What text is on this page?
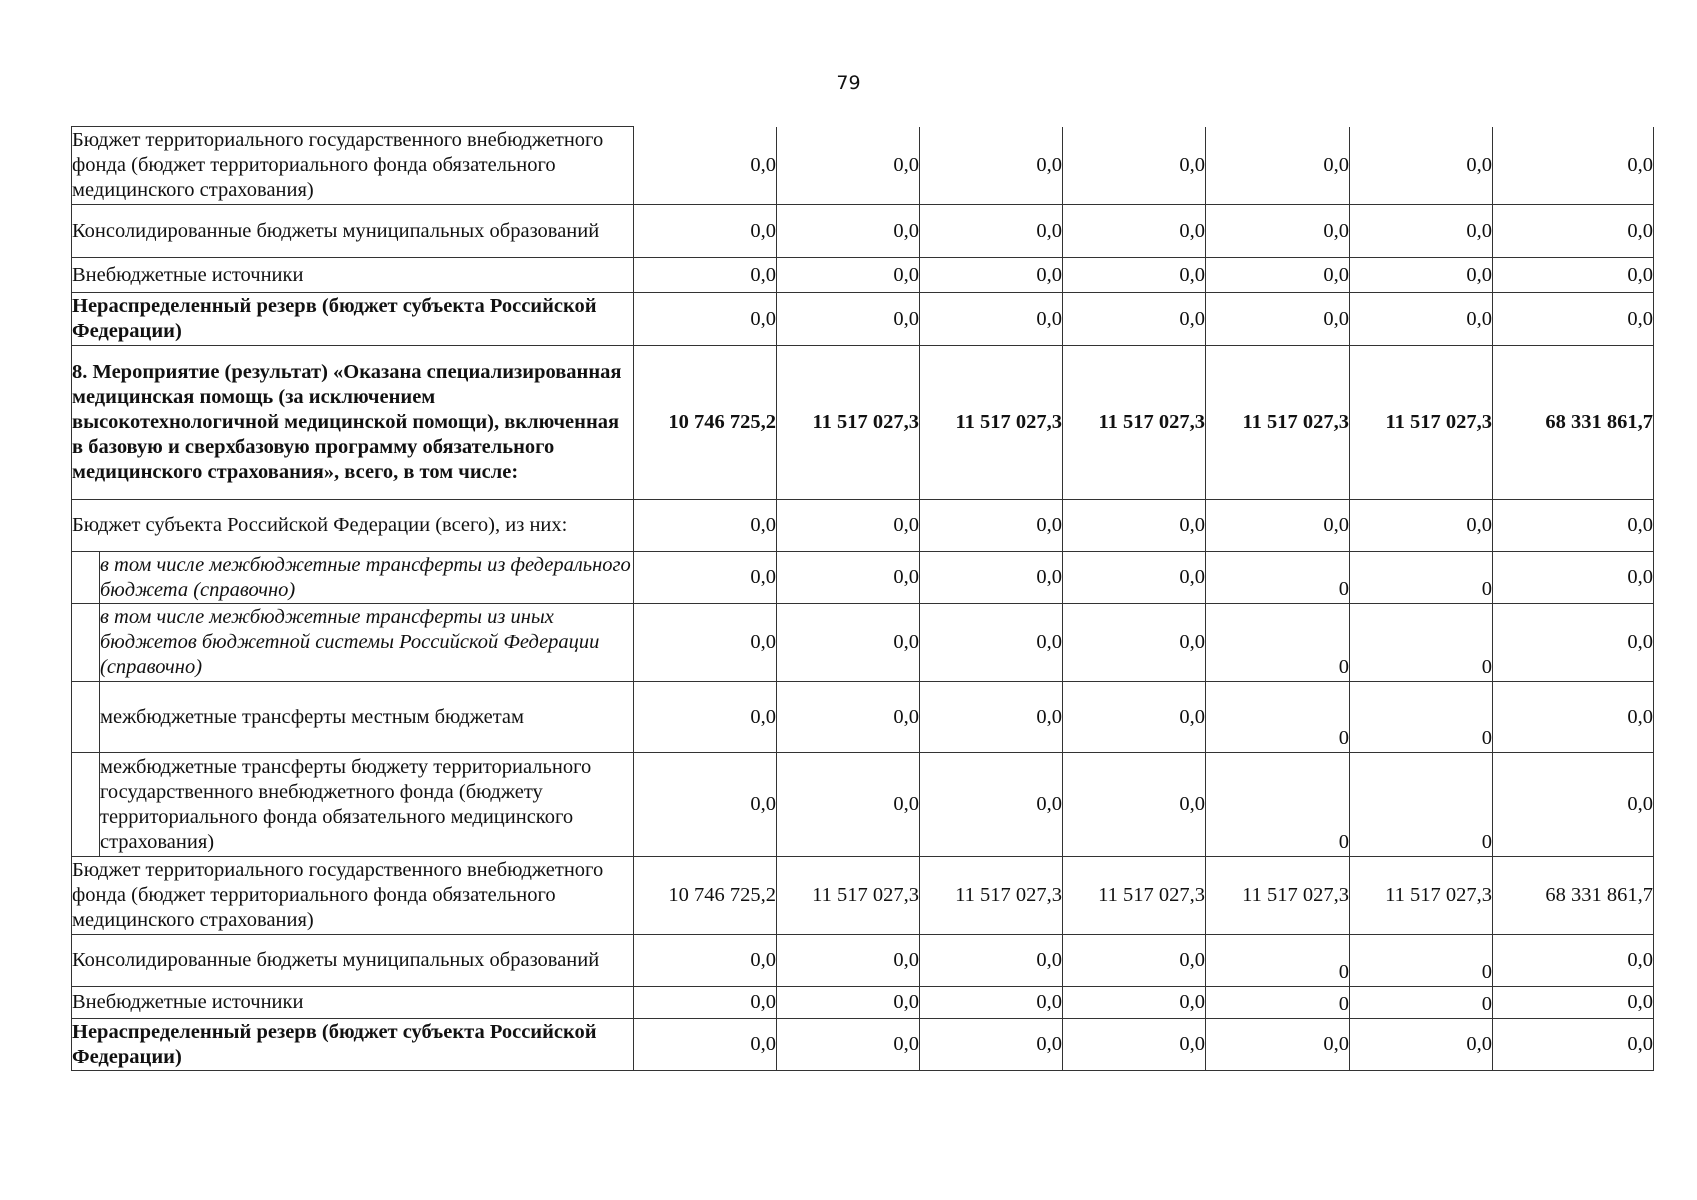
79
Бюджет территориального государственного внебюджетного фонда (бюджет территориального фонда обязательного медицинского страхования)		0,0	0,0	0,0	0,0	0,0	0,0	0,0
Консолидированные бюджеты муниципальных образований		0,0	0,0	0,0	0,0	0,0	0,0	0,0
Внебюджетные источники		0,0	0,0	0,0	0,0	0,0	0,0	0,0
Нераспределенный резерв (бюджет субъекта Российской Федерации)		0,0	0,0	0,0	0,0	0,0	0,0	0,0
8. Мероприятие (результат) «Оказана специализированная медицинская помощь (за исключением высокотехнологичной медицинской помощи), включенная в базовую и сверхбазовую программу обязательного медицинского страхования», всего, в том числе:		10 746 725,2	11 517 027,3	11 517 027,3	11 517 027,3	11 517 027,3	11 517 027,3	68 331 861,7
Бюджет субъекта Российской Федерации (всего), из них:		0,0	0,0	0,0	0,0	0,0	0,0	0,0
	в том числе межбюджетные трансферты из федерального бюджета (справочно)	0,0	0,0	0,0	0,0	0	0	0,0
	в том числе межбюджетные трансферты из иных бюджетов бюджетной системы Российской Федерации (справочно)	0,0	0,0	0,0	0,0	0	0	0,0
	межбюджетные трансферты местным бюджетам	0,0	0,0	0,0	0,0	0	0	0,0
	межбюджетные трансферты бюджету территориального государственного внебюджетного фонда (бюджету территориального фонда обязательного медицинского страхования)	0,0	0,0	0,0	0,0	0	0	0,0
Бюджет территориального государственного внебюджетного фонда (бюджет территориального фонда обязательного медицинского страхования)		10 746 725,2	11 517 027,3	11 517 027,3	11 517 027,3	11 517 027,3	11 517 027,3	68 331 861,7
Консолидированные бюджеты муниципальных образований		0,0	0,0	0,0	0,0	0	0	0,0
Внебюджетные источники		0,0	0,0	0,0	0,0	0	0	0,0
Нераспределенный резерв (бюджет субъекта Российской Федерации)		0,0	0,0	0,0	0,0	0,0	0,0	0,0
